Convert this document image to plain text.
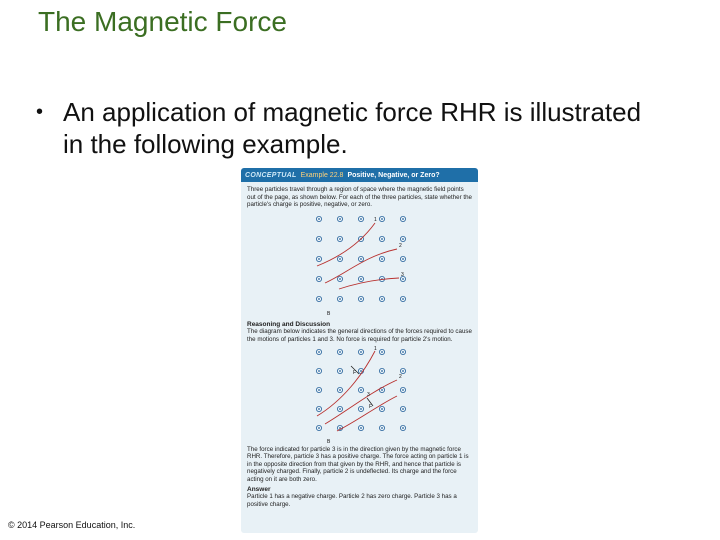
The Magnetic Force
• An application of magnetic force RHR is illustrated in the following example.
CONCEPTUAL Example 22.8 Positive, Negative, or Zero?
Three particles travel through a region of space where the magnetic field points out of the page, as shown below. For each of the three particles, state whether the particle's charge is positive, negative, or zero.
1
2
3
B
Reasoning and Discussion
The diagram below indicates the general directions of the forces required to cause the motions of particles 1 and 3. No force is required for particle 2's motion.
F
F
1
2
3
B
The force indicated for particle 3 is in the direction given by the magnetic force RHR. Therefore, particle 3 has a positive charge. The force acting on particle 1 is in the opposite direction from that given by the RHR, and hence that particle is negatively charged. Finally, particle 2 is undeflected. Its charge and the force acting on it are both zero.
Answer
Particle 1 has a negative charge. Particle 2 has zero charge. Particle 3 has a positive charge.
© 2014 Pearson Education, Inc.
